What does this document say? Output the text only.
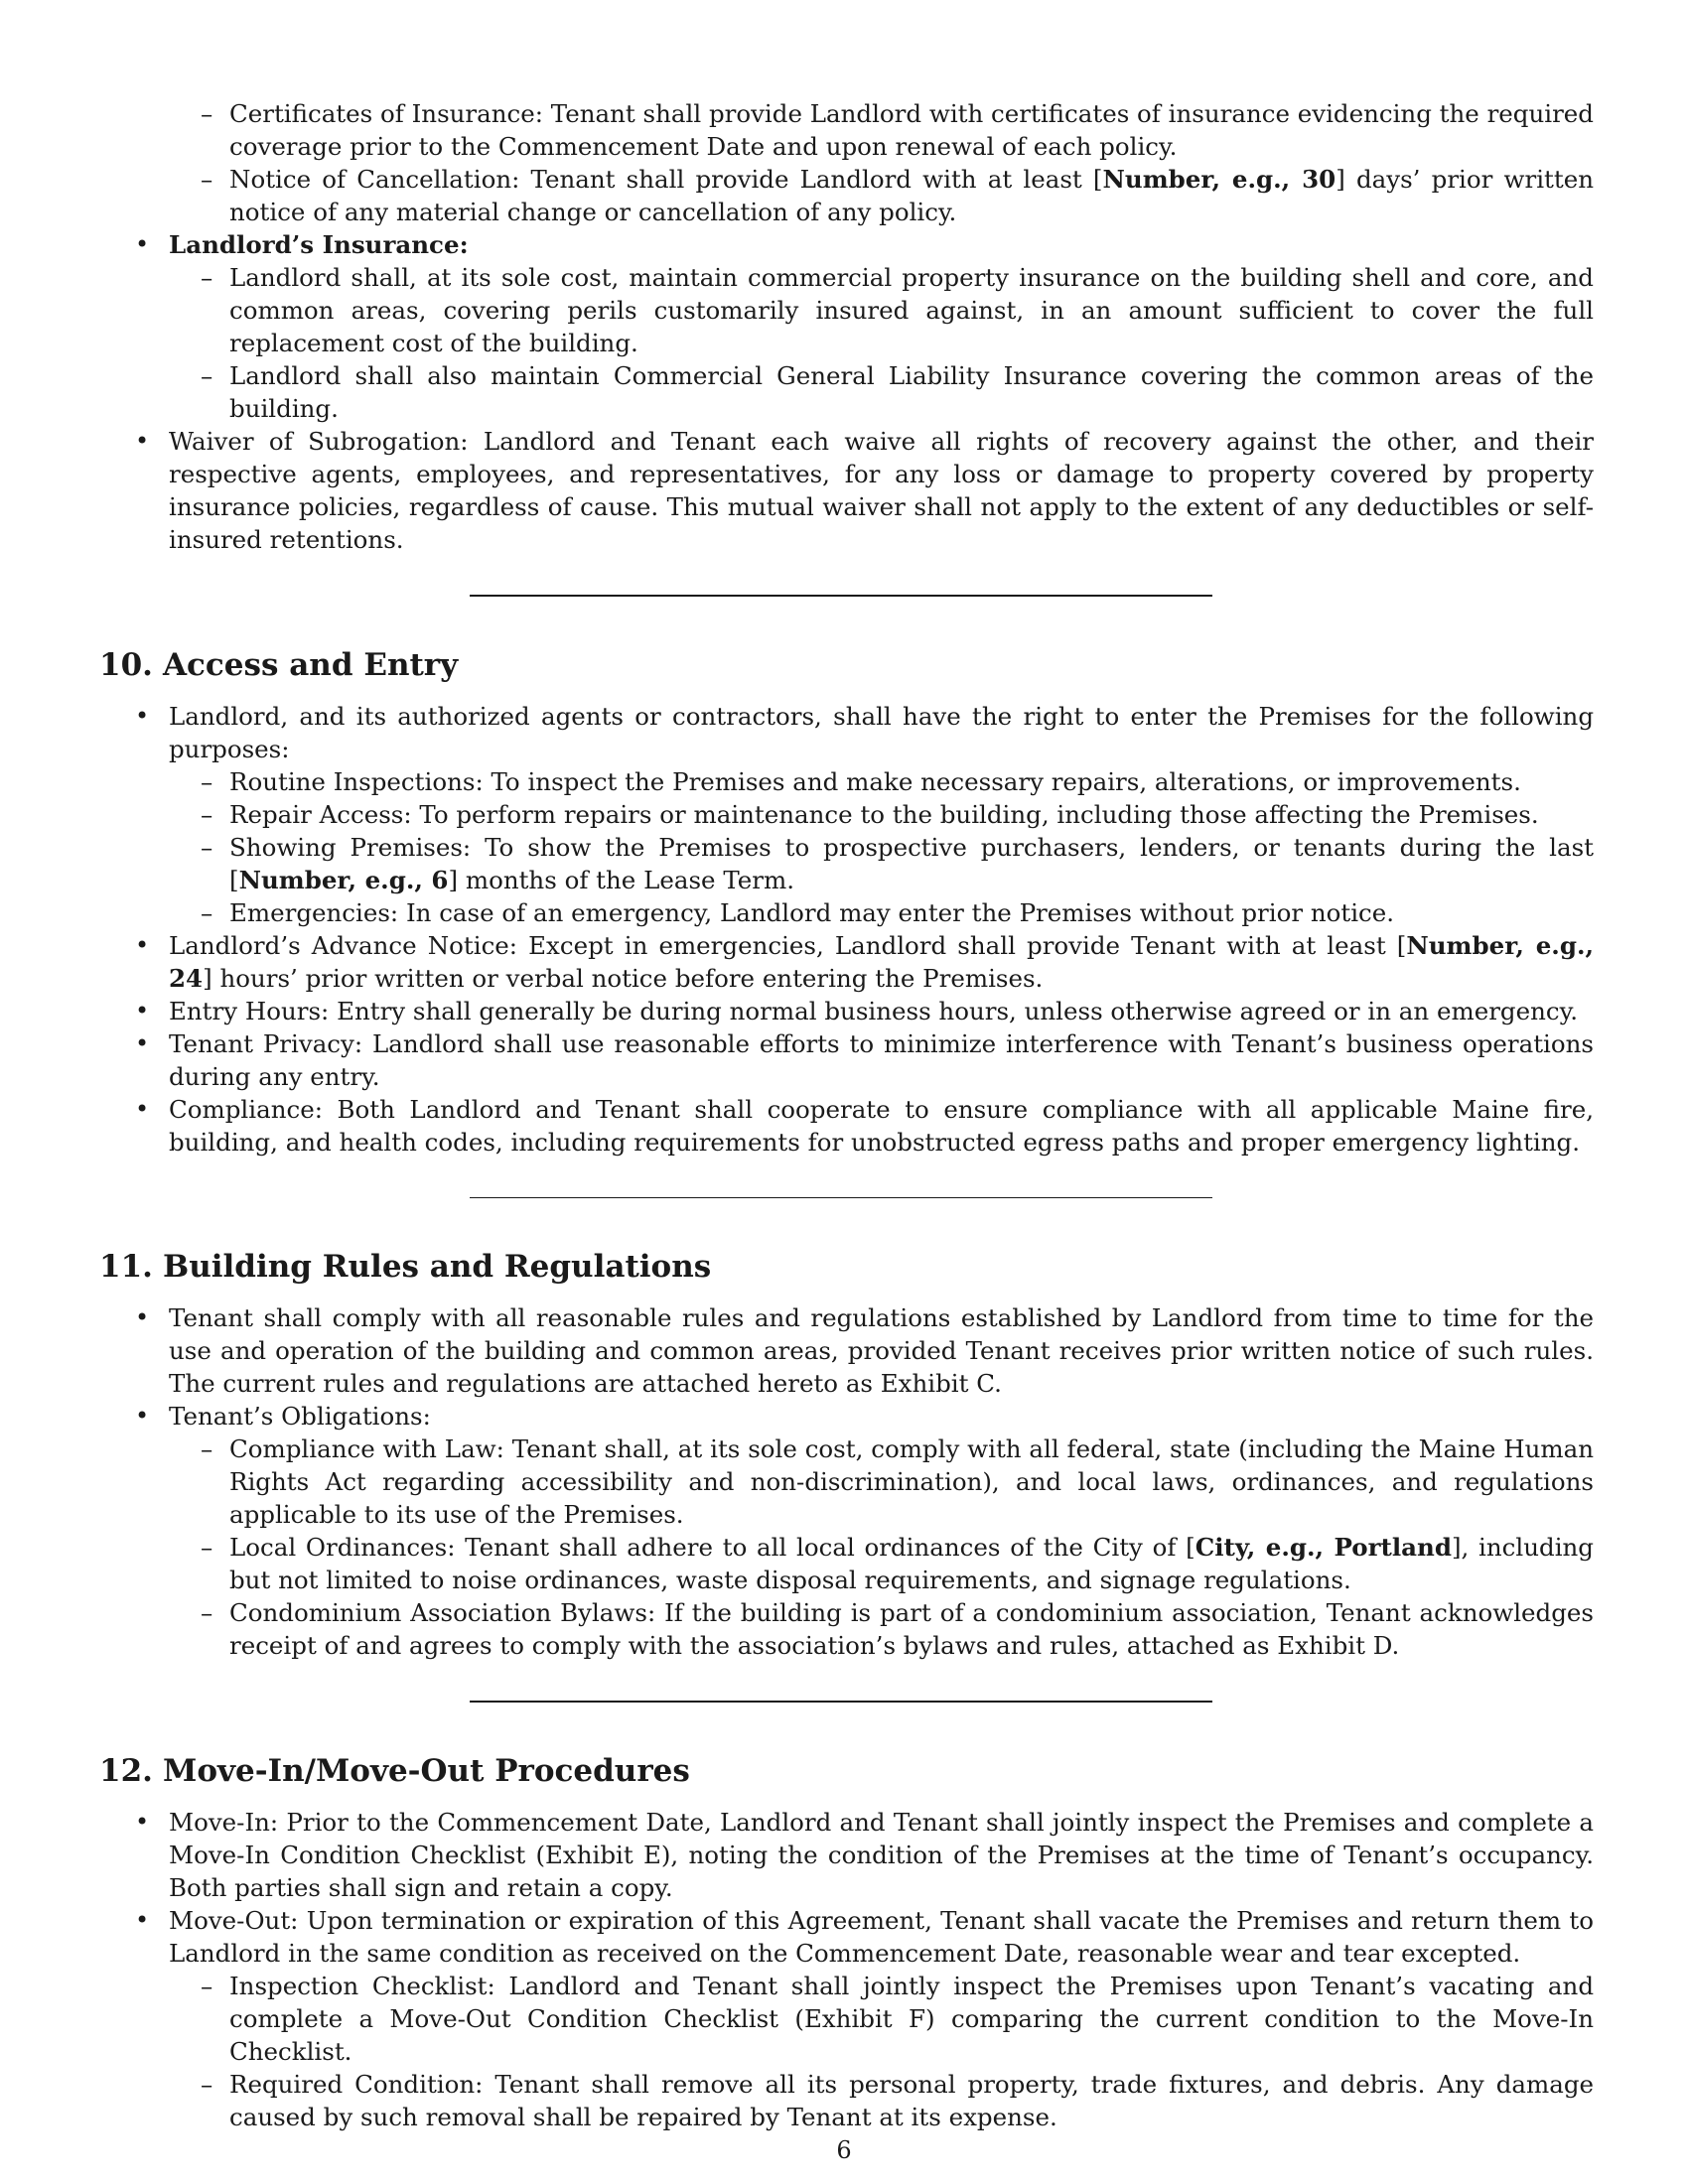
– Certificates of Insurance: Tenant shall provide Landlord with certificates of insurance evidencing the required coverage prior to the Commencement Date and upon renewal of each policy.
– Notice of Cancellation: Tenant shall provide Landlord with at least [Number, e.g., 30] days’ prior written notice of any material change or cancellation of any policy.
• Landlord’s Insurance:
– Landlord shall, at its sole cost, maintain commercial property insurance on the building shell and core, and common areas, covering perils customarily insured against, in an amount sufficient to cover the full replacement cost of the building.
– Landlord shall also maintain Commercial General Liability Insurance covering the common areas of the building.
• Waiver of Subrogation: Landlord and Tenant each waive all rights of recovery against the other, and their respective agents, employees, and representatives, for any loss or damage to property covered by property insurance policies, regardless of cause. This mutual waiver shall not apply to the extent of any deductibles or self-insured retentions.
10. Access and Entry
• Landlord, and its authorized agents or contractors, shall have the right to enter the Premises for the following purposes:
– Routine Inspections: To inspect the Premises and make necessary repairs, alterations, or improvements.
– Repair Access: To perform repairs or maintenance to the building, including those affecting the Premises.
– Showing Premises: To show the Premises to prospective purchasers, lenders, or tenants during the last [Number, e.g., 6] months of the Lease Term.
– Emergencies: In case of an emergency, Landlord may enter the Premises without prior notice.
• Landlord’s Advance Notice: Except in emergencies, Landlord shall provide Tenant with at least [Number, e.g., 24] hours’ prior written or verbal notice before entering the Premises.
• Entry Hours: Entry shall generally be during normal business hours, unless otherwise agreed or in an emergency.
• Tenant Privacy: Landlord shall use reasonable efforts to minimize interference with Tenant’s business operations during any entry.
• Compliance: Both Landlord and Tenant shall cooperate to ensure compliance with all applicable Maine fire, building, and health codes, including requirements for unobstructed egress paths and proper emergency lighting.
11. Building Rules and Regulations
• Tenant shall comply with all reasonable rules and regulations established by Landlord from time to time for the use and operation of the building and common areas, provided Tenant receives prior written notice of such rules. The current rules and regulations are attached hereto as Exhibit C.
• Tenant’s Obligations:
– Compliance with Law: Tenant shall, at its sole cost, comply with all federal, state (including the Maine Human Rights Act regarding accessibility and non-discrimination), and local laws, ordinances, and regulations applicable to its use of the Premises.
– Local Ordinances: Tenant shall adhere to all local ordinances of the City of [City, e.g., Portland], including but not limited to noise ordinances, waste disposal requirements, and signage regulations.
– Condominium Association Bylaws: If the building is part of a condominium association, Tenant acknowledges receipt of and agrees to comply with the association’s bylaws and rules, attached as Exhibit D.
12. Move-In/Move-Out Procedures
• Move-In: Prior to the Commencement Date, Landlord and Tenant shall jointly inspect the Premises and complete a Move-In Condition Checklist (Exhibit E), noting the condition of the Premises at the time of Tenant’s occupancy. Both parties shall sign and retain a copy.
• Move-Out: Upon termination or expiration of this Agreement, Tenant shall vacate the Premises and return them to Landlord in the same condition as received on the Commencement Date, reasonable wear and tear excepted.
– Inspection Checklist: Landlord and Tenant shall jointly inspect the Premises upon Tenant’s vacating and complete a Move-Out Condition Checklist (Exhibit F) comparing the current condition to the Move-In Checklist.
– Required Condition: Tenant shall remove all its personal property, trade fixtures, and debris. Any damage caused by such removal shall be repaired by Tenant at its expense.
6
